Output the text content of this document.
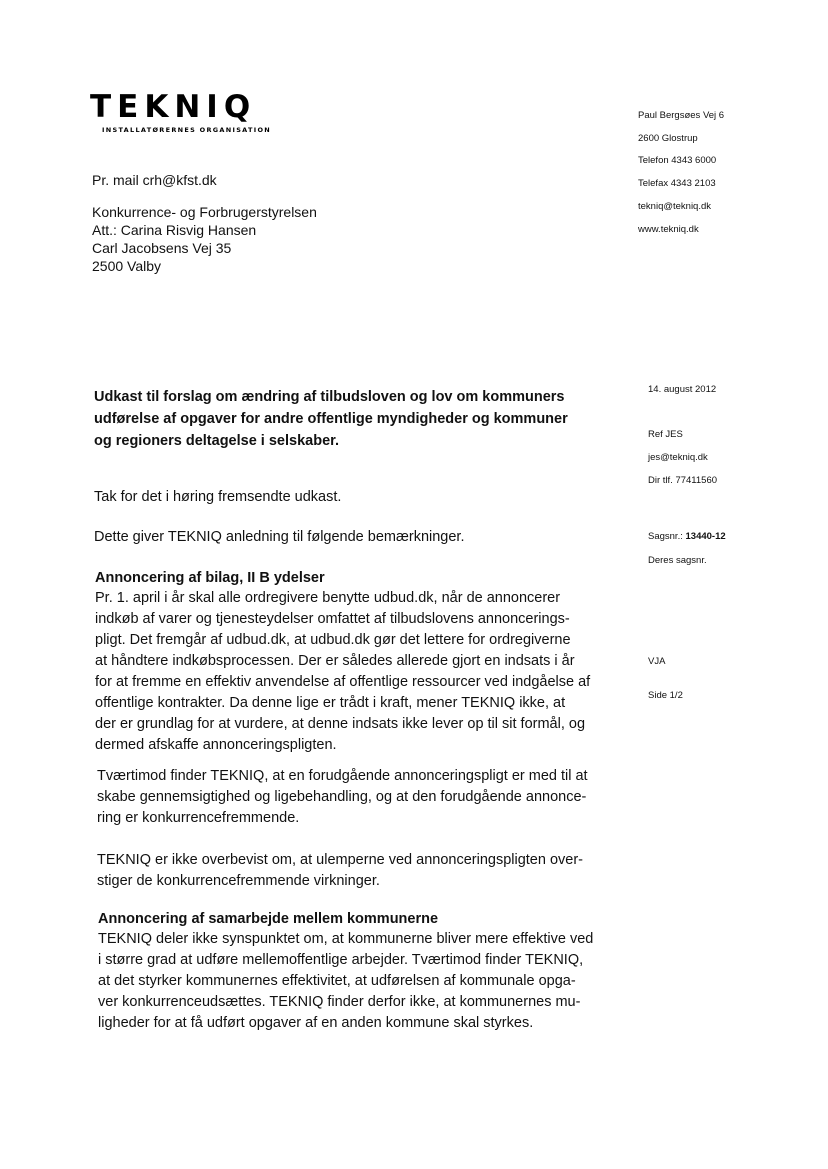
TEKNIQ
INSTALLATØRERNES ORGANISATION
Paul Bergsøes Vej 6
2600 Glostrup
Telefon 4343 6000
Telefax 4343 2103
tekniq@tekniq.dk
www.tekniq.dk
14. august 2012
Ref JES
jes@tekniq.dk
Dir tlf. 77411560
Sagsnr.: 13440-12
Deres sagsnr.
VJA
Side 1/2
Pr. mail crh@kfst.dk
Konkurrence- og Forbrugerstyrelsen
Att.: Carina Risvig Hansen
Carl Jacobsens Vej 35
2500 Valby
Udkast til forslag om ændring af tilbudsloven og lov om kommuners
udførelse af opgaver for andre offentlige myndigheder og kommuner
og regioners deltagelse i selskaber.
Tak for det i høring fremsendte udkast.
Dette giver TEKNIQ anledning til følgende bemærkninger.
Annoncering af bilag, II B ydelser
Pr. 1. april i år skal alle ordregivere benytte udbud.dk, når de annoncerer
indkøb af varer og tjenesteydelser omfattet af tilbudslovens annoncerings-
pligt. Det fremgår af udbud.dk, at udbud.dk gør det lettere for ordregiverne
at håndtere indkøbsprocessen. Der er således allerede gjort en indsats i år
for at fremme en effektiv anvendelse af offentlige ressourcer ved indgåelse af
offentlige kontrakter. Da denne lige er trådt i kraft, mener TEKNIQ ikke, at
der er grundlag for at vurdere, at denne indsats ikke lever op til sit formål, og
dermed afskaffe annonceringspligten.
Tværtimod finder TEKNIQ, at en forudgående annonceringspligt er med til at
skabe gennemsigtighed og ligebehandling, og at den forudgående annonce-
ring er konkurrencefremmende.
TEKNIQ er ikke overbevist om, at ulemperne ved annonceringspligten over-
stiger de konkurrencefremmende virkninger.
Annoncering af samarbejde mellem kommunerne
TEKNIQ deler ikke synspunktet om, at kommunerne bliver mere effektive ved
i større grad at udføre mellemoffentlige arbejder. Tværtimod finder TEKNIQ,
at det styrker kommunernes effektivitet, at udførelsen af kommunale opga-
ver konkurrenceudsættes. TEKNIQ finder derfor ikke, at kommunernes mu-
ligheder for at få udført opgaver af en anden kommune skal styrkes.
